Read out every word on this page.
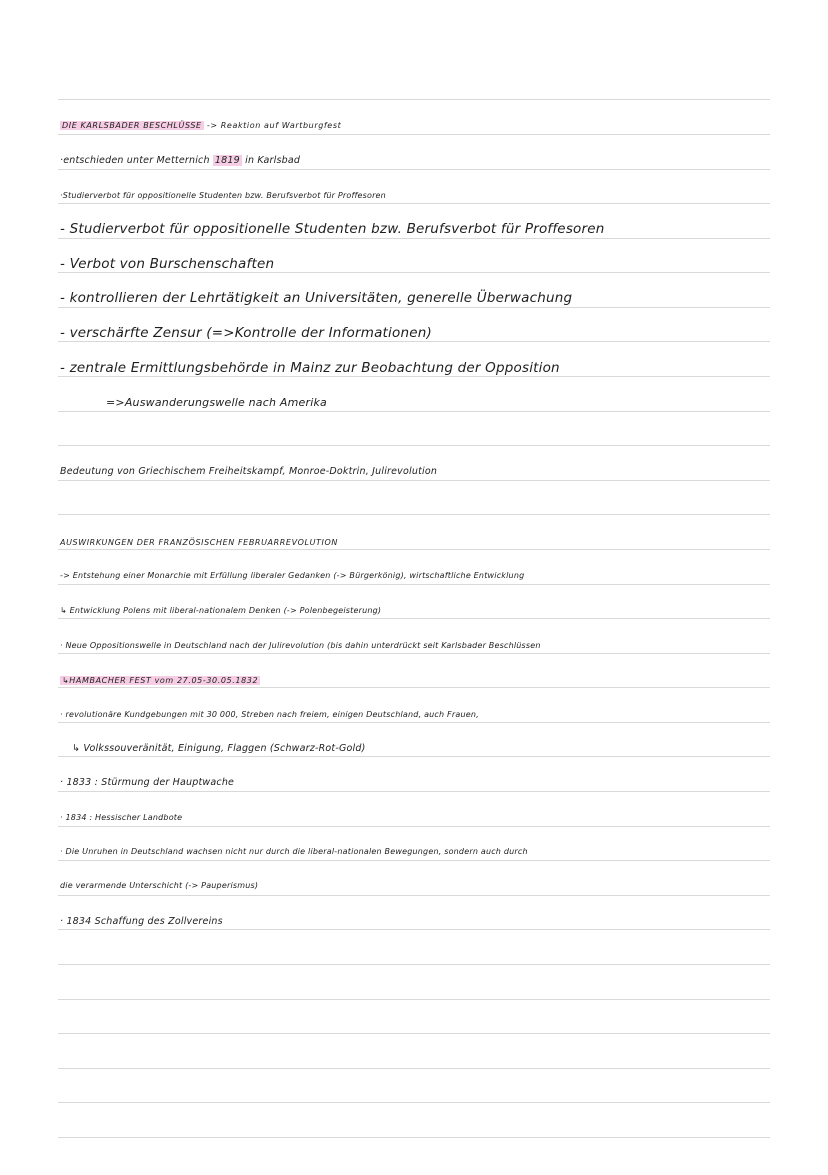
DIE KARLSBADER BESCHLÜSSE -> Reaktion auf Wartburgfest
·entschieden unter Metternich 1819 in Karlsbad
·Studierverbot für oppositionelle Studenten bzw. Berufsverbot für Proffesoren
- Studierverbot für oppositionelle Studenten bzw. Berufsverbot für Proffesoren
- Verbot von Burschenschaften
- kontrollieren der Lehrtätigkeit an Universitäten, generelle Überwachung
- verschärfte Zensur (=>Kontrolle der Informationen)
- zentrale Ermittlungsbehörde in Mainz zur Beobachtung der Opposition
=>Auswanderungswelle nach Amerika
Bedeutung von Griechischem Freiheitskampf, Monroe-Doktrin, Julirevolution
AUSWIRKUNGEN DER FRANZÖSISCHEN FEBRUARREVOLUTION
-> Entstehung einer Monarchie mit Erfüllung liberaler Gedanken (-> Bürgerkönig), wirtschaftliche Entwicklung
↳ Entwicklung Polens mit liberal-nationalem Denken (-> Polenbegeisterung)
· Neue Oppositionswelle in Deutschland nach der Julirevolution (bis dahin unterdrückt seit Karlsbader Beschlüssen
↳HAMBACHER FEST vom 27.05-30.05.1832
· revolutionäre Kundgebungen mit 30 000, Streben nach freiem, einigen Deutschland, auch Frauen,
↳ Volkssouveränität, Einigung, Flaggen (Schwarz-Rot-Gold)
· 1833 : Stürmung der Hauptwache
· 1834 : Hessischer Landbote
· Die Unruhen in Deutschland wachsen nicht nur durch die liberal-nationalen Bewegungen, sondern auch durch
die verarmende Unterschicht (-> Pauperismus)
· 1834 Schaffung des Zollvereins
